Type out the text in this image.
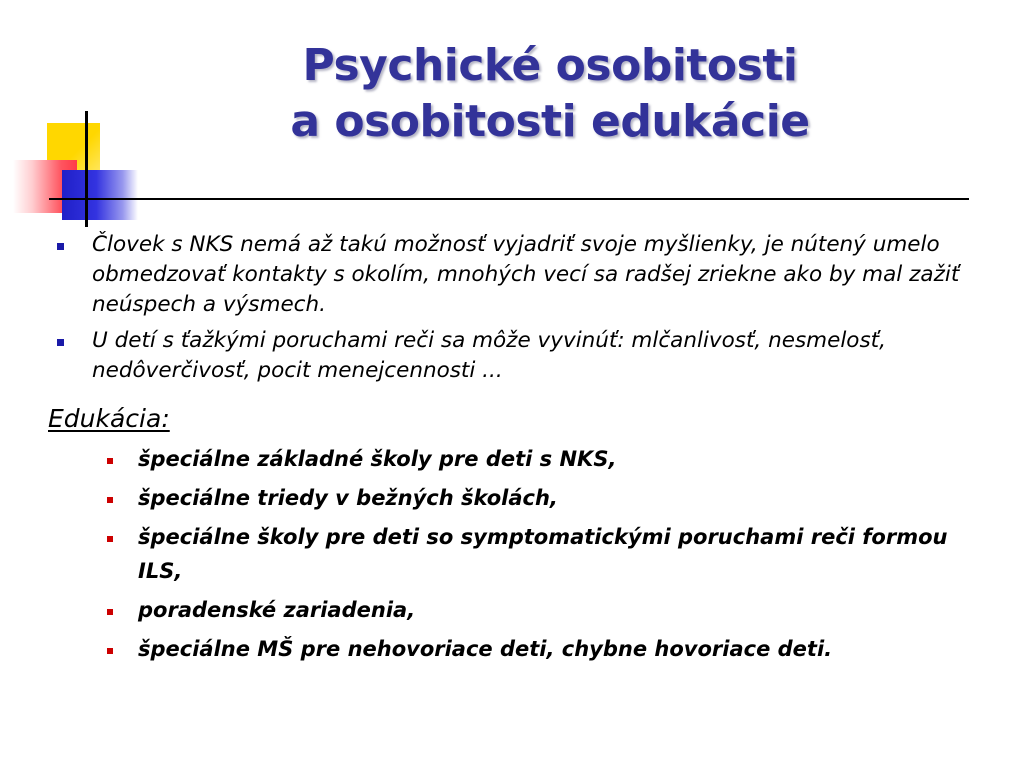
Psychické osobitosti
a osobitosti edukácie
Človek s NKS nemá až takú možnosť vyjadriť svoje myšlienky, je nútený umelo obmedzovať kontakty s okolím, mnohých vecí sa radšej zriekne ako by mal zažiť neúspech a výsmech.
U detí s ťažkými poruchami reči sa môže vyvinúť: mlčanlivosť, nesmelosť, nedôverčivosť, pocit menejcennosti ...
Edukácia:
špeciálne základné školy pre deti s NKS,
špeciálne triedy v bežných školách,
špeciálne školy pre deti so symptomatickými poruchami reči formou ILS,
poradenské zariadenia,
špeciálne MŠ pre nehovoriace deti, chybne hovoriace deti.
